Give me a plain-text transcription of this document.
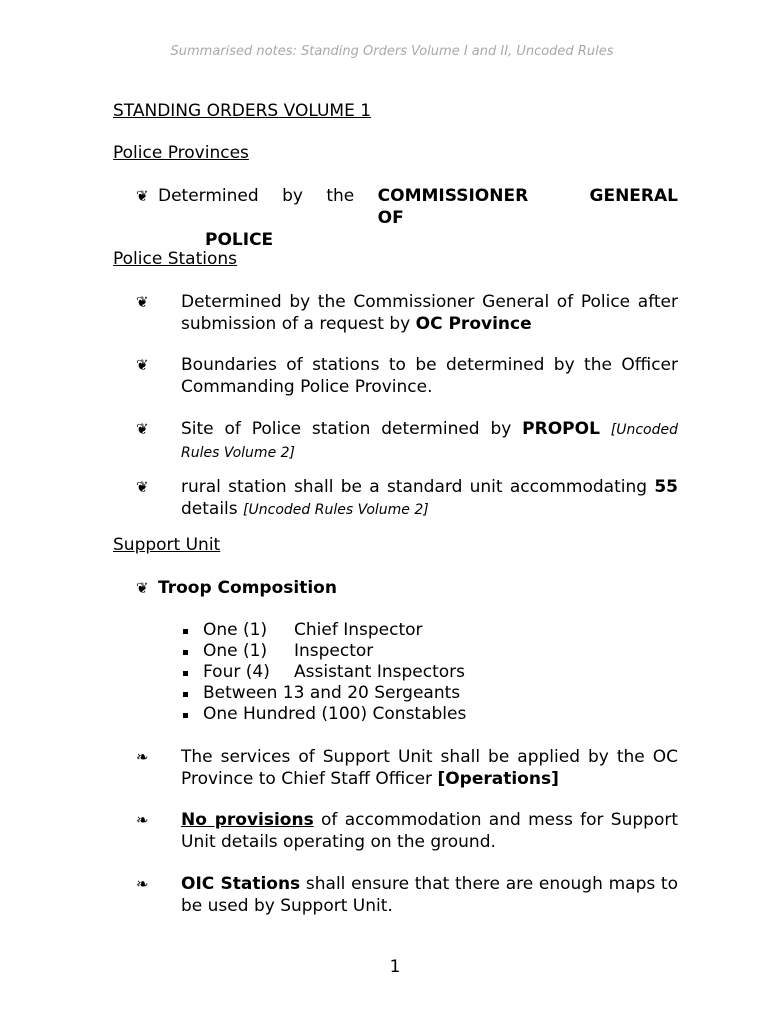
Summarised notes: Standing Orders Volume I and II, Uncoded Rules
STANDING ORDERS VOLUME 1
Police Provinces
❦ Determined by the COMMISSIONER GENERAL OF
POLICE
Police Stations
❦ Determined by the Commissioner General of Police after submission of a request by OC Province
❦ Boundaries of stations to be determined by the Officer Commanding Police Province.
❦ Site of Police station determined by PROPOL [Uncoded Rules Volume 2]
❦ rural station shall be a standard unit accommodating 55 details [Uncoded Rules Volume 2]
Support Unit
❦ Troop Composition
One (1) Chief Inspector
One (1) Inspector
Four (4) Assistant Inspectors
Between 13 and 20 Sergeants
One Hundred (100) Constables
❧ The services of Support Unit shall be applied by the OC Province to Chief Staff Officer [Operations]
❧ No provisions of accommodation and mess for Support Unit details operating on the ground.
❧ OIC Stations shall ensure that there are enough maps to be used by Support Unit.
1
